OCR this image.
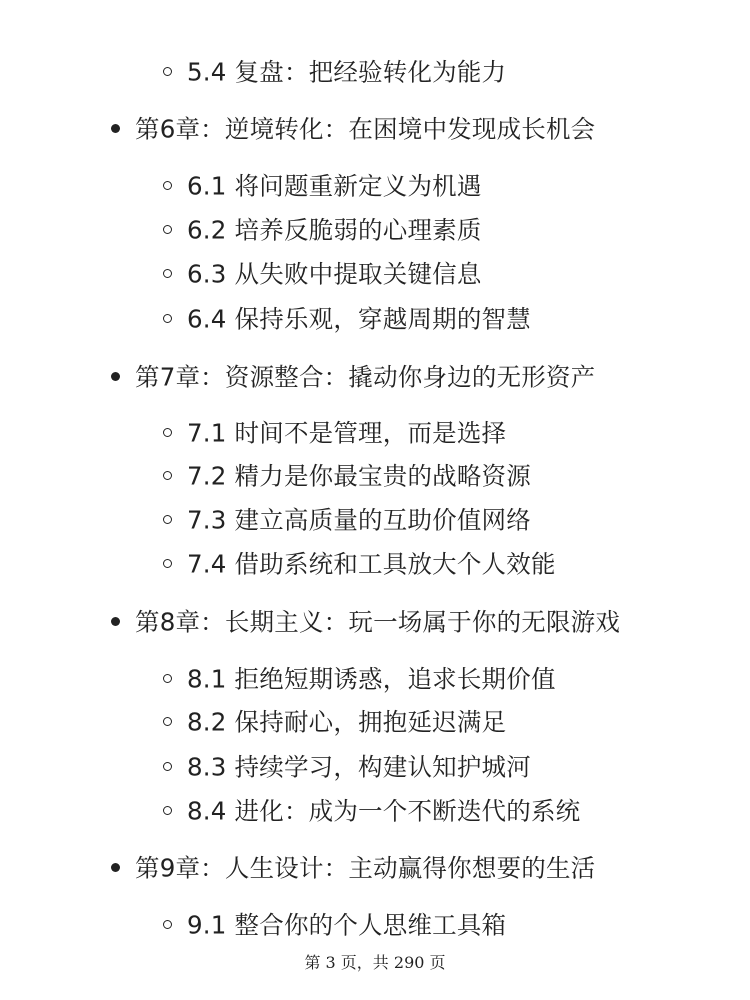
5.4 复盘：把经验转化为能力
第6章：逆境转化：在困境中发现成长机会
6.1 将问题重新定义为机遇
6.2 培养反脆弱的心理素质
6.3 从失败中提取关键信息
6.4 保持乐观，穿越周期的智慧
第7章：资源整合：撬动你身边的无形资产
7.1 时间不是管理，而是选择
7.2 精力是你最宝贵的战略资源
7.3 建立高质量的互助价值网络
7.4 借助系统和工具放大个人效能
第8章：长期主义：玩一场属于你的无限游戏
8.1 拒绝短期诱惑，追求长期价值
8.2 保持耐心，拥抱延迟满足
8.3 持续学习，构建认知护城河
8.4 进化：成为一个不断迭代的系统
第9章：人生设计：主动赢得你想要的生活
9.1 整合你的个人思维工具箱
第 3 页，共 290 页
